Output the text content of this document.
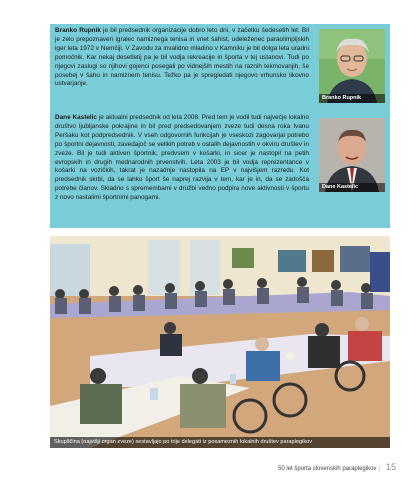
Branko Rupnik je bil predsednik organizacije dobro leto dni, v začetku šedesetih let. Bil je zelo prepoznaven igralec namiznega tenisa in vnet šahist, udeleženec paraolimpijskih iger leta 1972 v Nemčiji. V Zavodu za invalidno mladino v Kamniku je bil dolga leta uradni pomočnik. Kar nekaj desetletij pa je bil vodja rekreacije in športa v tej ustanovi. Tudi po njegovi zaslugi so njihovi gojenci posegali po vidnejših mestih na raznih tekmovanjih, še posebej v šahu in namiznem tenisu. Težko pa je spregledati njegovo vrhunsko likovno ustvarjanje.

Branko Rupnik

Dane Kastelic je aktualni predsednik od leta 2008. Pred tem je vodil tudi največje lokalno društvo ljubljanske pokrajine in bil pred predsedovanjem zveze tudi desna roka Ivanu Peršaku kot podpredsednik. V vseh odgovornih funkcijah je vseskozi zagovarjal potrebo po športni dejavnosti, zavedajoč se velikih potreb v ostalih dejavnostih v okviru društev in zveze. Bil je tudi aktiven športnik, predvsem v košarki, in sicer je nastopil na petih evropskih in drugih mednarodnih prvenstvih. Leta 2003 je bil vodja reprezentance v košarki na vozičkih, takrat je nazadnje nastopila na EP v najvišjem razredu. Kot predsednik skrbi, da se lahko šport še naprej razvija v tem, kar je in, da se zadošča potrebe članov. Skladno s spremembami v družbi vedno podpira nove aktivnosti v športu z novo nastalimi športnimi panogami.

Dane Kastelic
Skupščina (najvišji organ zveze) sestavljajo po trije delegati iz posameznih lokalnih društev paraplegikov
50 let športa slovenskih paraplegikov | 15
